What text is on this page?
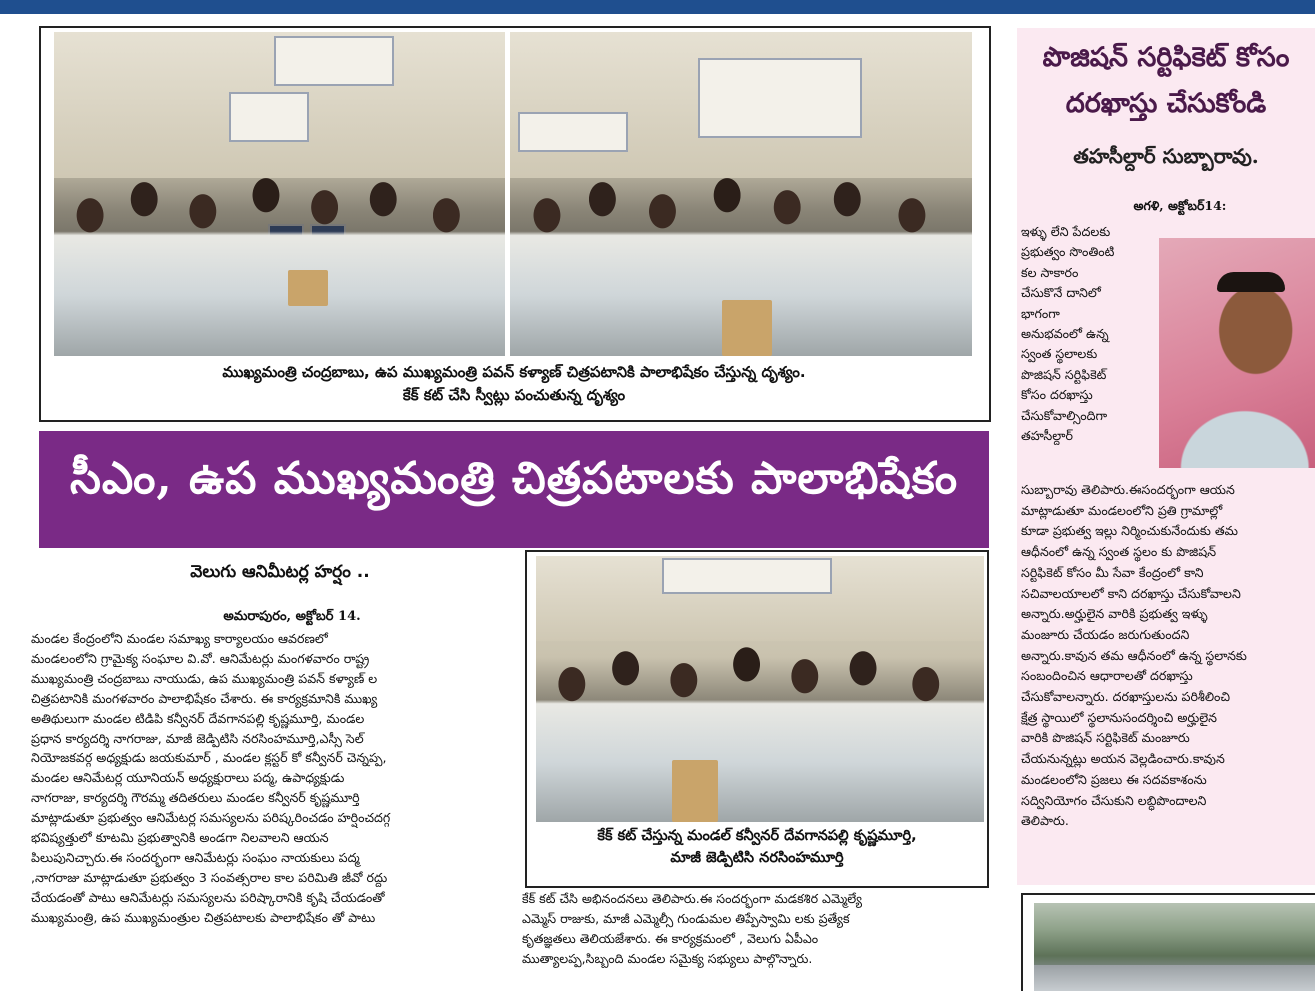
ముఖ్యమంత్రి చంద్రబాబు, ఉప ముఖ్యమంత్రి పవన్ కళ్యాణ్ చిత్రపటానికి పాలాభిషేకం చేస్తున్న దృశ్యం.
కేక్ కట్ చేసి స్వీట్లు పంచుతున్న దృశ్యం
సీఎం, ఉప ముఖ్యమంత్రి చిత్రపటాలకు పాలాభిషేకం
వెలుగు ఆనిమీటర్ల హర్షం ..
అమరాపురం, అక్టోబర్ 14.
మండల కేంద్రంలోని మండల సమాఖ్య కార్యాలయం ఆవరణలో
మండలంలోని గ్రామైక్య సంఘాల వి.వో. ఆనిమేటర్లు మంగళవారం రాష్ట్ర
ముఖ్యమంత్రి చంద్రబాబు నాయుడు, ఉప ముఖ్యమంత్రి పవన్ కళ్యాణ్ ల
చిత్రపటానికి మంగళవారం పాలాభిషేకం చేశారు. ఈ కార్యక్రమానికి ముఖ్య
అతిథులుగా మండల టిడిపి కన్వీనర్ దేవగానపల్లి కృష్ణమూర్తి, మండల
ప్రధాన కార్యదర్శి నాగరాజు, మాజీ జెడ్పిటిసి నరసింహమూర్తి,ఎస్సీ సెల్
నియోజకవర్గ అధ్యక్షుడు జయకుమార్ , మండల క్లస్టర్ కో కన్వీనర్ చెన్నప్ప,
మండల ఆనిమేటర్ల యూనియన్ అధ్యక్షురాలు పద్మ, ఉపాధ్యక్షుడు
నాగరాజు, కార్యదర్శి గౌరమ్మ తదితరులు మండల కన్వీనర్ కృష్ణమూర్తి
మాట్లాడుతూ ప్రభుత్వం ఆనిమేటర్ల సమస్యలను పరిష్కరించడం హర్షించదగ్గ
భవిష్యత్తులో కూటమి ప్రభుత్వానికి అండగా నిలవాలని ఆయన
పిలుపునిచ్చారు.ఈ సందర్భంగా ఆనిమేటర్లు సంఘం నాయకులు పద్మ
,నాగరాజు మాట్లాడుతూ ప్రభుత్వం 3 సంవత్సరాల కాల పరిమితి జీవో రద్దు
చేయడంతో పాటు ఆనిమేటర్లు సమస్యలను పరిష్కారానికి కృషి చేయడంతో
ముఖ్యమంత్రి, ఉప ముఖ్యమంత్రుల చిత్రపటాలకు పాలాభిషేకం తో పాటు
కేక్ కట్ చేస్తున్న మండల్ కన్వీనర్ దేవగానపల్లి కృష్ణమూర్తి,
మాజీ జెడ్పిటిసి నరసింహమూర్తి
కేక్ కట్ చేసి అభినందనలు తెలిపారు.ఈ సందర్భంగా మడకశిర ఎమ్మెల్యే
ఎమ్మెస్ రాజుకు, మాజీ ఎమ్మెల్సీ గుండుమల తిప్పేస్వామి లకు ప్రత్యేక
కృతజ్ఞతలు తెలియజేశారు. ఈ కార్యక్రమంలో , వెలుగు ఏపీఎం
ముత్యాలప్ప,సిబ్బంది మండల సమైక్య సభ్యులు పాల్గొన్నారు.
పొజిషన్ సర్టిఫికెట్ కోసం
దరఖాస్తు చేసుకోండి
తహసీల్దార్ సుబ్బారావు.
అగళి, అక్టోబర్14:
ఇళ్ళు లేని పేదలకు
ప్రభుత్వం సొంతింటి
కల సాకారం
చేసుకొనే దానిలో
భాగంగా
అనుభవంలో ఉన్న
స్వంత స్థలాలకు
పొజిషన్ సర్టిఫికెట్
కోసం దరఖాస్తు
చేసుకోవాల్సిందిగా
తహసీల్దార్
సుబ్బారావు తెలిపారు.ఈసందర్భంగా ఆయన
మాట్లాడుతూ మండలంలోని ప్రతి గ్రామాల్లో
కూడా ప్రభుత్వ ఇల్లు నిర్మించుకునేందుకు తమ
ఆధీనంలో ఉన్న స్వంత స్థలం కు పొజిషన్
సర్టిఫికెట్ కోసం మీ సేవా కేంద్రంలో కాని
సచివాలయాలలో కాని దరఖాస్తు చేసుకోవాలని
అన్నారు.అర్హులైన వారికి ప్రభుత్వ ఇళ్ళు
మంజూరు చేయడం జరుగుతుందని
అన్నారు.కావున తమ ఆధీనంలో ఉన్న స్థలానకు
సంబందించిన ఆధారాలతో దరఖాస్తు
చేసుకోవాలన్నారు. దరఖాస్తులను పరిశీలించి
క్షేత్ర స్థాయిలో స్థలానుసందర్శించి అర్హులైన
వారికి పొజిషన్ సర్టిఫికెట్ మంజూరు
చేయనున్నట్లు అయన వెల్లడించారు.కావున
మండలంలోని ప్రజలు ఈ సదవకాశంను
సద్వినియోగం చేసుకుని లబ్ధిపొందాలని
తెలిపారు.
